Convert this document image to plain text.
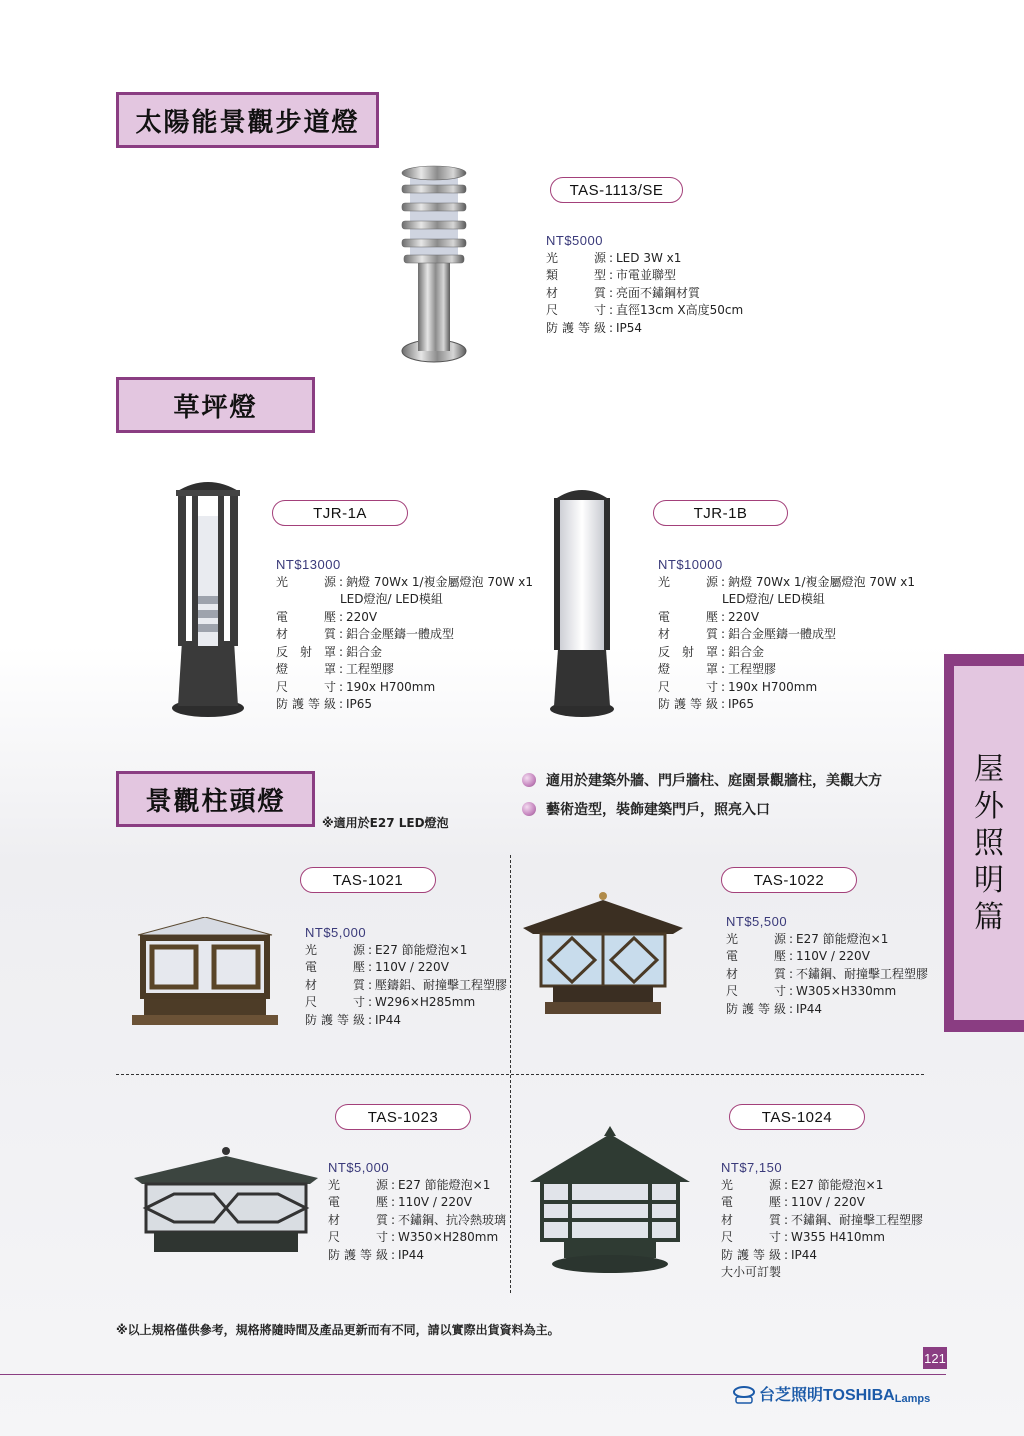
太陽能景觀步道燈
草坪燈
景觀柱頭燈
※適用於E27 LED燈泡
屋
外
照
明
篇
TAS-1113/SE
TJR-1A	TJR-1B
TAS-1021	TAS-1022
TAS-1023	TAS-1024
NT$5000
光源 : LED 3W x1
類型 : 市電並聯型
材質 : 亮面不鏽鋼材質
尺寸 : 直徑13cm X高度50cm
防護等級 : IP54
NT$13000
光源 : 鈉燈 70Wx 1/複金屬燈泡 70W x1
LED燈泡/ LED模組
電壓 : 220V
材質 : 鋁合金壓鑄一體成型
反射罩 : 鋁合金
燈罩 : 工程塑膠
尺寸 : 190x H700mm
防護等級 : IP65
NT$10000
光源 : 鈉燈 70Wx 1/複金屬燈泡 70W x1
LED燈泡/ LED模組
電壓 : 220V
材質 : 鋁合金壓鑄一體成型
反射罩 : 鋁合金
燈罩 : 工程塑膠
尺寸 : 190x H700mm
防護等級 : IP65
適用於建築外牆、門戶牆柱、庭園景觀牆柱，美觀大方
藝術造型，裝飾建築門戶，照亮入口
NT$5,000
光源 : E27 節能燈泡×1
電壓 : 110V / 220V
材質 : 壓鑄鋁、耐撞擊工程塑膠
尺寸 : W296×H285mm
防護等級 : IP44
NT$5,500
光源 : E27 節能燈泡×1
電壓 : 110V / 220V
材質 : 不鏽鋼、耐撞擊工程塑膠
尺寸 : W305×H330mm
防護等級 : IP44
NT$5,000
光源 : E27 節能燈泡×1
電壓 : 110V / 220V
材質 : 不鏽鋼、抗冷熱玻璃
尺寸 : W350×H280mm
防護等級 : IP44
NT$7,150
光源 : E27 節能燈泡×1
電壓 : 110V / 220V
材質 : 不鏽鋼、耐撞擊工程塑膠
尺寸 : W355 H410mm
防護等級 : IP44
大小可訂製
※以上規格僅供參考，規格將隨時間及產品更新而有不同，請以實際出貨資料為主。
121
台芝照明 TOSHIBA Lamps
